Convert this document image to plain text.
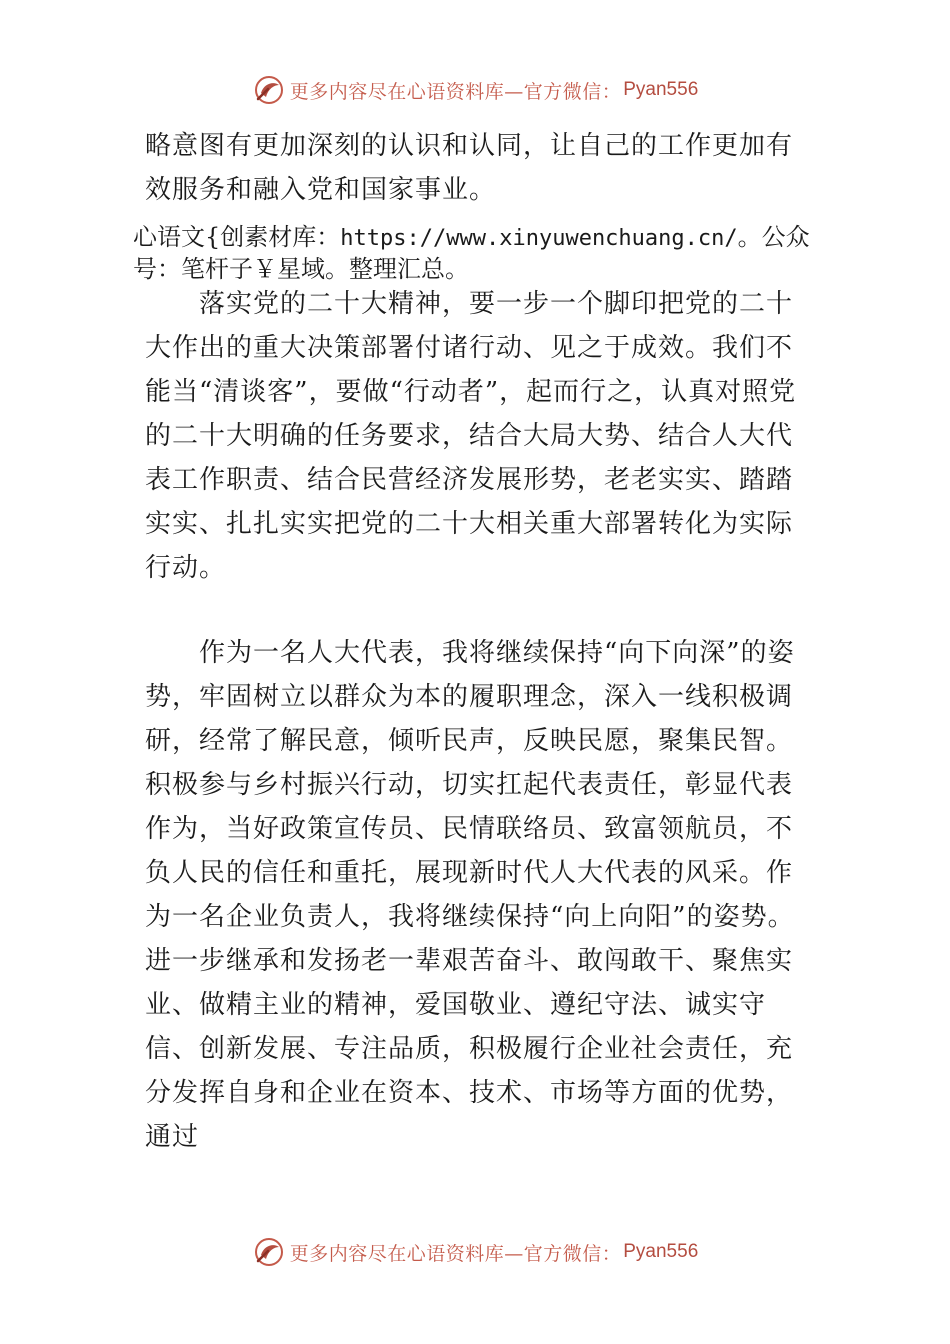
更多内容尽在心语资料库—官方微信： Pyan556

略意图有更加深刻的认识和认同，让自己的工作更加有效服务和融入党和国家事业。

心语文{创素材库：https://www.xinyuwenchuang.cn/。公众号：笔杆子￥星域。整理汇总。

落实党的二十大精神，要一步一个脚印把党的二十大作出的重大决策部署付诸行动、见之于成效。我们不能当“清谈客”，要做“行动者”，起而行之，认真对照党的二十大明确的任务要求，结合大局大势、结合人大代表工作职责、结合民营经济发展形势，老老实实、踏踏实实、扎扎实实把党的二十大相关重大部署转化为实际行动。

作为一名人大代表，我将继续保持“向下向深”的姿势，牢固树立以群众为本的履职理念，深入一线积极调研，经常了解民意，倾听民声，反映民愿，聚集民智。积极参与乡村振兴行动，切实扛起代表责任，彰显代表作为，当好政策宣传员、民情联络员、致富领航员，不负人民的信任和重托，展现新时代人大代表的风采。作为一名企业负责人，我将继续保持“向上向阳”的姿势。进一步继承和发扬老一辈艰苦奋斗、敢闯敢干、聚焦实业、做精主业的精神，爱国敬业、遵纪守法、诚实守信、创新发展、专注品质，积极履行企业社会责任，充分发挥自身和企业在资本、技术、市场等方面的优势，通过

更多内容尽在心语资料库—官方微信： Pyan556
